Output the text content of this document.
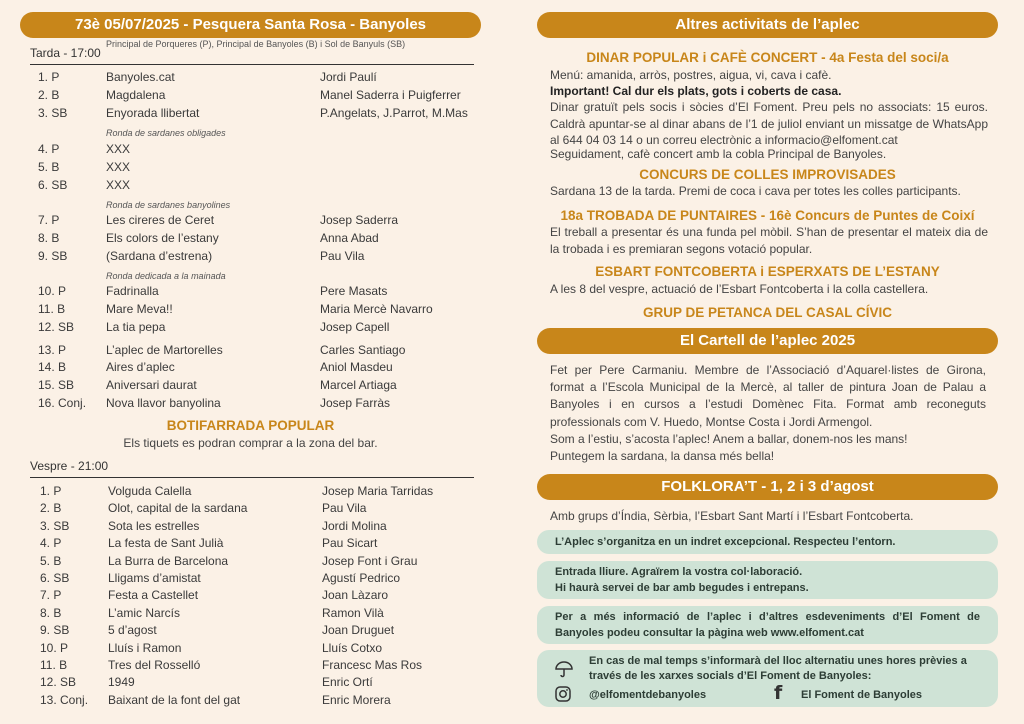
73è 05/07/2025 - Pesquera Santa Rosa - Banyoles
Tarda - 17:00
Principal de Porqueres (P), Principal de Banyoles (B) i Sol de Banyuls (SB)
1. P	Banyoles.cat	Jordi Paulí
2. B	Magdalena	Manel Saderra i Puigferrer
3. SB	Enyorada llibertat	P.Angelats, J.Parrot, M.Mas
4. P	XXX
5. B	XXX
6. SB	XXX
7. P	Les cireres de Ceret	Josep Saderra
8. B	Els colors de l’estany	Anna Abad
9. SB	(Sardana d’estrena)	Pau Vila
10. P	Fadrinalla	Pere Masats
11. B	Mare Meva!!	Maria Mercè Navarro
12. SB	La tia pepa	Josep Capell
13. P	L’aplec de Martorelles	Carles Santiago
14. B	Aires d’aplec	Aniol Masdeu
15. SB	Aniversari daurat	Marcel Artiaga
16. Conj. Nova llavor banyolina	Josep Farràs
Ronda de sardanes obligades
Ronda de sardanes banyolines
Ronda dedicada a la mainada
BOTIFARRADA POPULAR
Els tiquets es podran comprar a la zona del bar.
Vespre - 21:00
1. P	Volguda Calella	Josep Maria Tarridas
2. B	Olot, capital de la sardana	Pau Vila
3. SB	Sota les estrelles	Jordi Molina
4. P	La festa de Sant Julià	Pau Sicart
5. B	La Burra de Barcelona	Josep Font i Grau
6. SB	Lligams d’amistat	Agustí Pedrico
7. P	Festa a Castellet	Joan Làzaro
8. B	L’amic Narcís	Ramon Vilà
9. SB	5 d’agost	Joan Druguet
10. P	Lluís i Ramon	Lluís Cotxo
11. B	Tres del Rosselló	Francesc Mas Ros
12. SB	1949	Enric Ortí
13. Conj. Baixant de la font del gat	Enric Morera
Altres activitats de l’aplec
DINAR POPULAR i CAFÈ CONCERT - 4a Festa del soci/a
Menú: amanida, arròs, postres, aigua, vi, cava i cafè.
Important! Cal dur els plats, gots i coberts de casa.
Dinar gratuït pels socis i sòcies d’El Foment. Preu pels no associats: 15 euros. Caldrà apuntar-se al dinar abans de l’1 de juliol enviant un missatge de WhatsApp al 644 04 03 14 o un correu electrònic a informacio@elfoment.cat
Seguidament, cafè concert amb la cobla Principal de Banyoles.
CONCURS DE COLLES IMPROVISADES
Sardana 13 de la tarda. Premi de coca i cava per totes les colles participants.
18a TROBADA DE PUNTAIRES - 16è Concurs de Puntes de Coixí
El treball a presentar és una funda pel mòbil. S’han de presentar el mateix dia de la trobada i es premiaran segons votació popular.
ESBART FONTCOBERTA i ESPERXATS DE L’ESTANY
A les 8 del vespre, actuació de l’Esbart Fontcoberta i la colla castellera.
GRUP DE PETANCA DEL CASAL CÍVIC
El Cartell de l’aplec 2025
Fet per Pere Carmaniu. Membre de l’Associació d’Aquarel·listes de Girona, format a l’Escola Municipal de la Mercè, al taller de pintura Joan de Palau a Banyoles i en cursos a l’estudi Domènec Fita. Format amb reconeguts professionals com V. Huedo, Montse Costa i Jordi Armengol.
Som a l’estiu, s’acosta l’aplec! Anem a ballar, donem-nos les mans!
Puntegem la sardana, la dansa més bella!
FOLKLORA’T - 1, 2 i 3 d’agost
Amb grups d’Índia, Sèrbia, l’Esbart Sant Martí i l’Esbart Fontcoberta.
L’Aplec s’organitza en un indret excepcional. Respecteu l’entorn.
Entrada lliure. Agraïrem la vostra col·laboració.
Hi haurà servei de bar amb begudes i entrepans.
Per a més informació de l’aplec i d’altres esdeveniments d’El Foment de Banyoles podeu consultar la pàgina web www.elfoment.cat
En cas de mal temps s’informarà del lloc alternatiu unes hores prèvies a través de les xarxes socials d’El Foment de Banyoles:
@elfomentdebanyoles	f	El Foment de Banyoles
